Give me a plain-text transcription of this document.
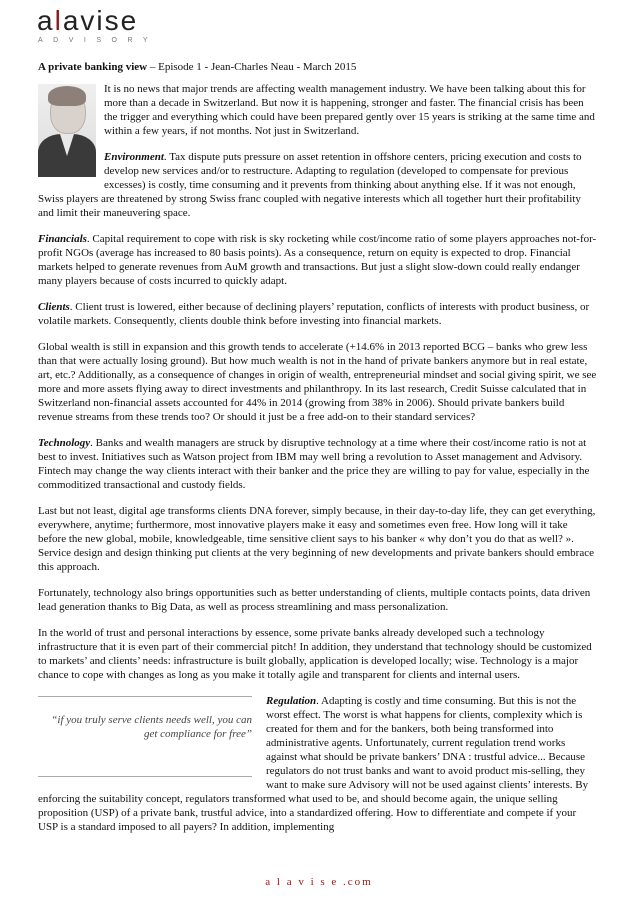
alavise
ADVISORY

A private banking view – Episode 1 - Jean-Charles Neau - March 2015

It is no news that major trends are affecting wealth management industry. We have been talking about this for more than a decade in Switzerland. But now it is happening, stronger and faster. The financial crisis has been the trigger and everything which could have been prepared gently over 15 years is striking at the same time and within a few years, if not months. Not just in Switzerland.

Environment. Tax dispute puts pressure on asset retention in offshore centers, pricing execution and costs to develop new services and/or to restructure. Adapting to regulation (developed to compensate for previous excesses) is costly, time consuming and it prevents from thinking about anything else. If it was not enough, Swiss players are threatened by strong Swiss franc coupled with negative interests which all together hurt their profitability and limit their maneuvering space.

Financials. Capital requirement to cope with risk is sky rocketing while cost/income ratio of some players approaches not-for-profit NGOs (average has increased to 80 basis points). As a consequence, return on equity is expected to drop. Financial markets helped to generate revenues from AuM growth and transactions. But just a slight slow-down could really endanger many players because of costs incurred to quickly adapt.

Clients. Client trust is lowered, either because of declining players’ reputation, conflicts of interests with product business, or volatile markets. Consequently, clients double think before investing into financial markets.

Global wealth is still in expansion and this growth tends to accelerate (+14.6% in 2013 reported BCG – banks who grew less than that were actually losing ground). But how much wealth is not in the hand of private bankers anymore but in real estate, art, etc.? Additionally, as a consequence of changes in origin of wealth, entrepreneurial mindset and social giving spirit, we see more and more assets flying away to direct investments and philanthropy. In its last research, Credit Suisse calculated that in Switzerland non-financial assets accounted for 44% in 2014 (growing from 38% in 2006). Should private bankers build revenue streams from these trends too? Or should it just be a free add-on to their standard services?

Technology. Banks and wealth managers are struck by disruptive technology at a time where their cost/income ratio is not at best to invest. Initiatives such as Watson project from IBM may well bring a revolution to Asset management and Advisory. Fintech may change the way clients interact with their banker and the price they are willing to pay for value, especially in the commoditized transactional and custody fields.

Last but not least, digital age transforms clients DNA forever, simply because, in their day-to-day life, they can get everything, everywhere, anytime; furthermore, most innovative players make it easy and sometimes even free. How long will it take before the new global, mobile, knowledgeable, time sensitive client says to his banker « why don’t you do that as well? ». Service design and design thinking put clients at the very beginning of new developments and private bankers should embrace this approach.

Fortunately, technology also brings opportunities such as better understanding of clients, multiple contacts points, data driven lead generation thanks to Big Data, as well as process streamlining and mass personalization.

In the world of trust and personal interactions by essence, some private banks already developed such a technology infrastructure that it is even part of their commercial pitch! In addition, they understand that technology should be customized to markets’ and clients’ needs: infrastructure is built globally, application is developed locally; wise. Technology is a major chance to cope with changes as long as you make it totally agile and transparent for clients and internal users.

“if you truly serve clients needs well, you can get compliance for free”

Regulation. Adapting is costly and time consuming. But this is not the worst effect. The worst is what happens for clients, complexity which is created for them and for the bankers, both being transformed into administrative agents. Unfortunately, current regulation trend works against what should be private bankers’ DNA : trustful advice... Because regulators do not trust banks and want to avoid product mis-selling, they want to make sure Advisory will not be used against clients’ interests. By enforcing the suitability concept, regulators transformed what used to be, and should become again, the unique selling proposition (USP) of a private bank, trustful advice, into a standardized offering. How to differentiate and compete if your USP is a standard imposed to all payers? In addition, implementing

a l a v i s e .com
